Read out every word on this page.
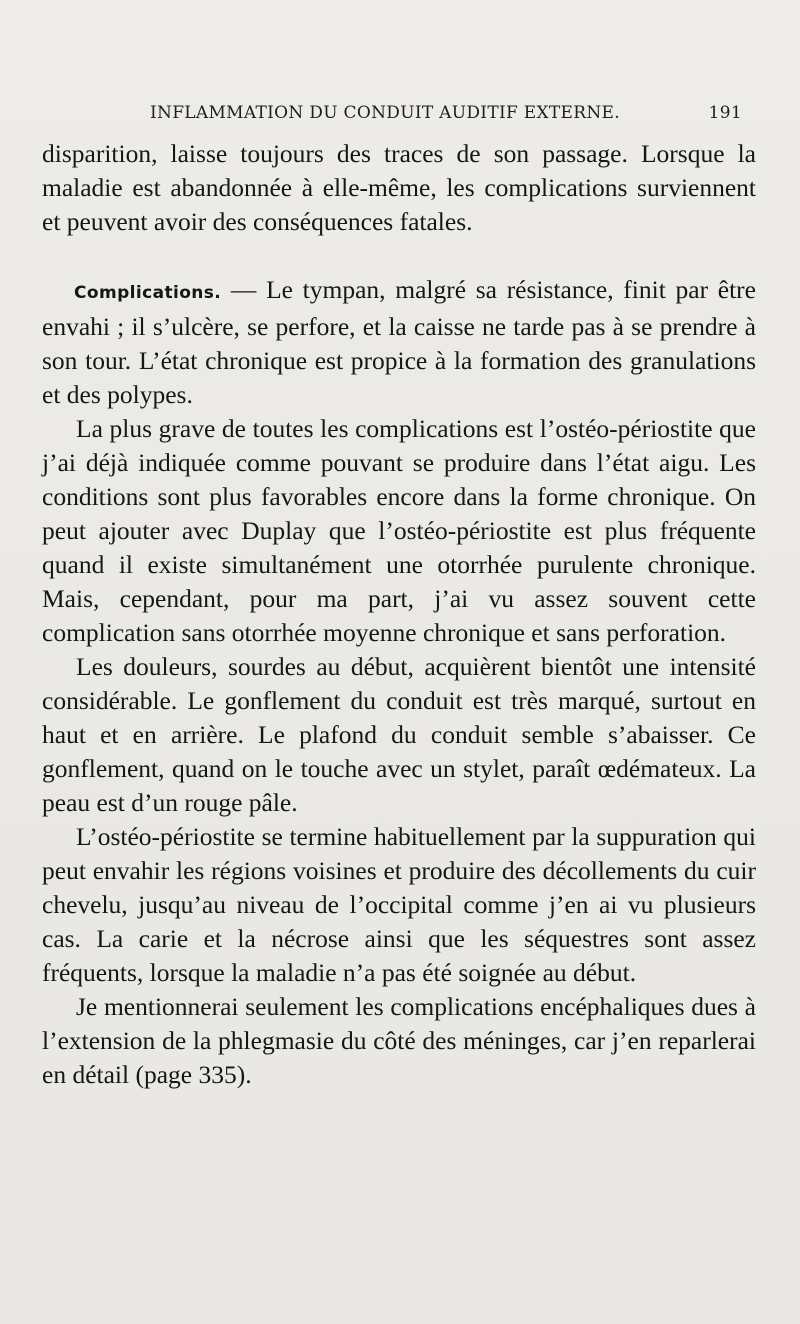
INFLAMMATION DU CONDUIT AUDITIF EXTERNE.	191

disparition, laisse toujours des traces de son passage. Lorsque la maladie est abandonnée à elle-même, les complications surviennent et peuvent avoir des conséquences fatales.

Complications. — Le tympan, malgré sa résistance, finit par être envahi ; il s’ulcère, se perfore, et la caisse ne tarde pas à se prendre à son tour. L’état chronique est propice à la formation des granulations et des polypes.

La plus grave de toutes les complications est l’ostéo-périostite que j’ai déjà indiquée comme pouvant se produire dans l’état aigu. Les conditions sont plus favorables encore dans la forme chronique. On peut ajouter avec Duplay que l’ostéo-périostite est plus fréquente quand il existe simultanément une otorrhée purulente chronique. Mais, cependant, pour ma part, j’ai vu assez souvent cette complication sans otorrhée moyenne chronique et sans perforation.

Les douleurs, sourdes au début, acquièrent bientôt une intensité considérable. Le gonflement du conduit est très marqué, surtout en haut et en arrière. Le plafond du conduit semble s’abaisser. Ce gonflement, quand on le touche avec un stylet, paraît œdémateux. La peau est d’un rouge pâle.

L’ostéo-périostite se termine habituellement par la suppuration qui peut envahir les régions voisines et produire des décollements du cuir chevelu, jusqu’au niveau de l’occipital comme j’en ai vu plusieurs cas. La carie et la nécrose ainsi que les séquestres sont assez fréquents, lorsque la maladie n’a pas été soignée au début.

Je mentionnerai seulement les complications encéphaliques dues à l’extension de la phlegmasie du côté des méninges, car j’en reparlerai en détail (page 335).
